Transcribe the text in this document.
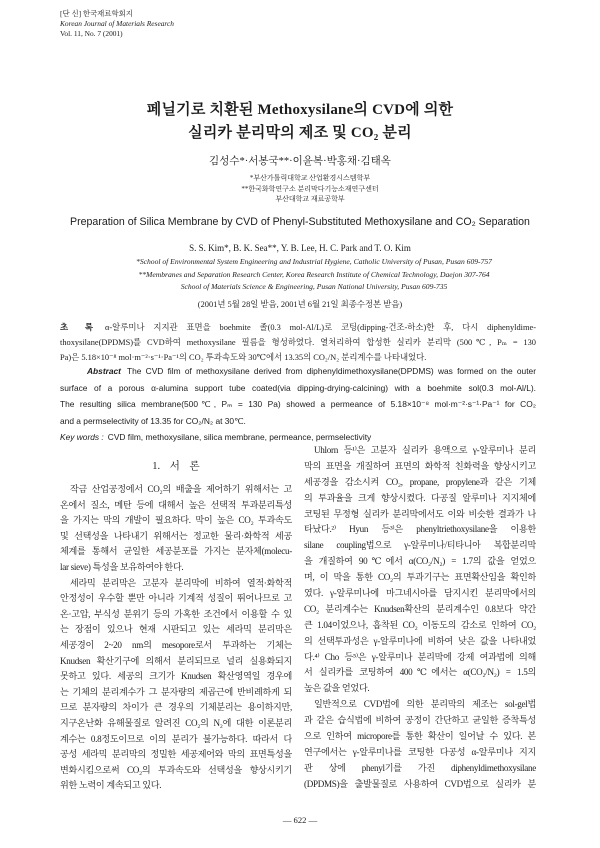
[단 신] 한국재료학회지
Korean Journal of Materials Research
Vol. 11, No. 7 (2001)
페닐기로 치환된 Methoxysilane의 CVD에 의한
실리카 분리막의 제조 및 CO₂ 분리
김성수*·서봉국**·이윤복·박홍채·김태옥
*부산가톨릭대학교 산업환경시스템학부
**한국화학연구소 분리막다기능소재연구센터
부산대학교 재료공학부
Preparation of Silica Membrane by CVD of Phenyl-Substituted Methoxysilane and CO₂ Separation
S. S. Kim*, B. K. Sea**, Y. B. Lee, H. C. Park and T. O. Kim
*School of Environmental System Engineering and Industrial Hygiene, Catholic University of Pusan, Pusan 609-757
**Membranes and Separation Research Center, Korea Research Institute of Chemical Technology, Daejon 307-764
School of Materials Science & Engineering, Pusan National University, Pusan 609-735
(2001년 5월 28일 받음, 2001년 6월 21일 최종수정본 받음)
초 록 α-알루미나 지지관 표면을 boehmite 졸(0.3 mol-Al/L)로 코팅(dipping-건조-하소)한 후, 다시 diphenyldime-
thoxysilane(DPDMS)를 CVD하여 methoxysilane 필름을 형성하였다. 열처리하여 합성한 실리카 분리막 (500℃, Pₘ = 130
Pa)은 5.18×10⁻⁸ mol·m⁻²·s⁻¹·Pa⁻¹의 CO₂ 투과속도와 30℃에서 13.35의 CO₂/N₂ 분리계수를 나타내었다.
Abstract The CVD film of methoxysilane derived from diphenyldimethoxysilane(DPDMS) was formed on the outer
surface of a porous α-alumina support tube coated(via dipping-drying-calcining) with a boehmite sol(0.3 mol-Al/L).
The resulting silica membrane(500℃, Pₘ = 130 Pa) showed a permeance of 5.18×10⁻⁸ mol·m⁻²·s⁻¹·Pa⁻¹ for CO₂
and a permselectivity of 13.35 for CO₂/N₂ at 30℃.
Key words : CVD film, methoxysilane, silica membrane, permeance, permselectivity
1. 서 론
작금 산업공정에서 CO₂의 배출을 제어하기 위해서는 고
온에서 질소, 메탄 등에 대해서 높은 선택적 투과분리특성
을 가지는 막의 개발이 필요하다. 막이 높은 CO₂ 투과속도
및 선택성을 나타내기 위해서는 정교한 물리·화학적 세공
체계를 통해서 균일한 세공분포를 가지는 분자체(molecu-
lar sieve) 특성을 보유하여야 한다.
세라믹 분리막은 고분자 분리막에 비하여 열적·화학적
안정성이 우수할 뿐만 아니라 기계적 성질이 뛰어나므로 고
온·고압, 부식성 분위기 등의 가혹한 조건에서 이용할 수 있
는 장점이 있으나 현재 시판되고 있는 세라믹 분리막은
세공경이 2~20 nm의 mesopore로서 투과하는 기체는
Knudsen 확산기구에 의해서 분리되므로 널리 실용화되지
못하고 있다. 세공의 크기가 Knudsen 확산영역일 경우에
는 기체의 분리계수가 그 분자량의 제곱근에 반비례하게 되
므로 분자량의 차이가 큰 경우의 기체분리는 용이하지만,
지구온난화 유해물질로 알려진 CO₂의 N₂에 대한 이론분리
계수는 0.8정도이므로 이의 분리가 불가능하다. 따라서 다
공성 세라믹 분리막의 정밀한 세공제어와 막의 표면특성을
변화시킴으로써 CO₂의 투과속도와 선택성을 향상시키기
위한 노력이 계속되고 있다.
Uhlorn 등¹⁾은 고분자 실리카 용액으로 γ-알루미나 분리
막의 표면을 개질하여 표면의 화학적 친화력을 향상시키고
세공경을 감소시켜 CO₂, propane, propylene과 같은 기체
의 투과율을 크게 향상시켰다. 다공질 알루미나 지지체에
코팅된 무정형 실리카 분리막에서도 이와 비슷한 결과가 나
타났다.²⁾ Hyun 등³⁾은 phenyltriethoxysilane을 이용한
silane coupling법으로 γ-알루미나/티타니아 복합분리막
을 개질하여 90℃에서 α(CO₂/N₂) = 1.7의 값을 얻었으
며, 이 막을 통한 CO₂의 투과기구는 표면확산임을 확인하
였다. γ-알루미나에 마그네시아를 담지시킨 분리막에서의
CO₂ 분리계수는 Knudsen확산의 분리계수인 0.8보다 약간
큰 1.04이었으나, 흡착된 CO₂ 이동도의 감소로 인하여 CO₂
의 선택투과성은 γ-알루미나에 비하여 낮은 값을 나타내었
다.⁴⁾ Cho 등⁵⁾은 γ-알루미나 분리막에 강제 여과법에 의해
서 실리카를 코팅하여 400℃에서는 α(CO₂/N₂) = 1.5의
높은 값을 얻었다.
일반적으로 CVD법에 의한 분리막의 제조는 sol-gel법
과 같은 습식법에 비하여 공정이 간단하고 균일한 증착특성
으로 인하여 micropore를 통한 확산이 일어날 수 있다. 본
연구에서는 γ-알루미나를 코팅한 다공성 α-알루미나 지지
관 상에 phenyl기를 가진 diphenyldimethoxysilane
(DPDMS)을 출발물질로 사용하여 CVD법으로 실리카 분
— 622 —
